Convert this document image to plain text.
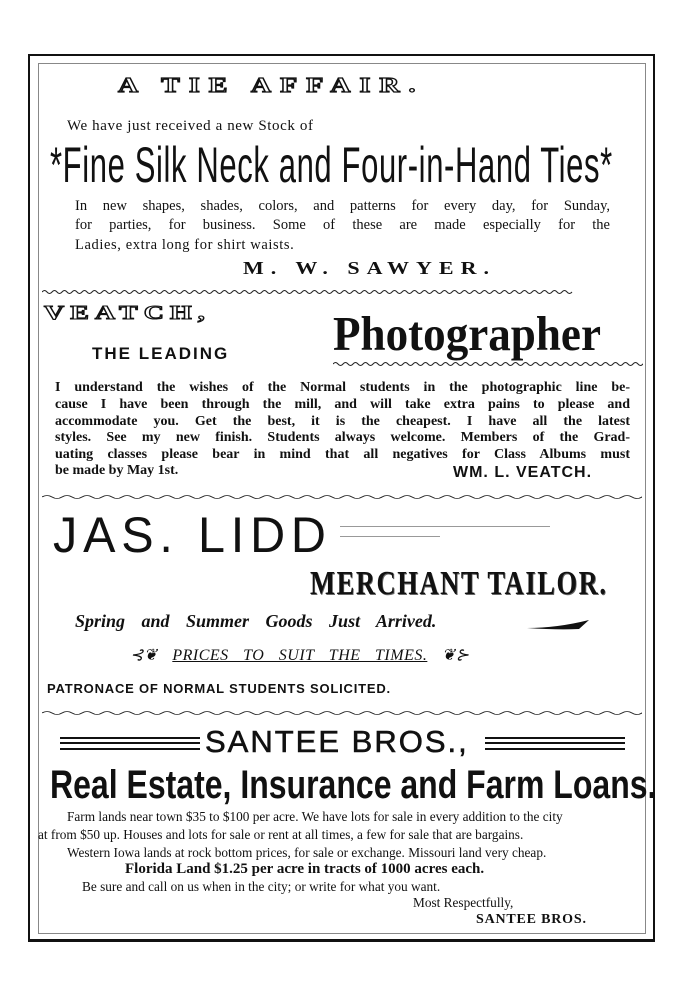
A TIE AFFAIR.
We have just received a new Stock of
*Fine Silk Neck and Four-in-Hand Ties*
In new shapes, shades, colors, and patterns for every day, for Sunday,
for parties, for business. Some of these are made especially for the
Ladies, extra long for shirt waists.
M. W. SAWYER.
VEATCH,
THE LEADING Photographer
I understand the wishes of the Normal students in the photographic line be-
cause I have been through the mill, and will take extra pains to please and
accommodate you. Get the best, it is the cheapest. I have all the latest
styles. See my new finish. Students always welcome. Members of the Grad-
uating classes please bear in mind that all negatives for Class Albums must
be made by May 1st.	WM. L. VEATCH.
JAS. LIDD
MERCHANT TAILOR.
Spring and Summer Goods Just Arrived.
⊰❦ PRICES TO SUIT THE TIMES. ❦⊱
PATRONACE OF NORMAL STUDENTS SOLICITED.
SANTEE BROS.,
Real Estate, Insurance and Farm Loans.
Farm lands near town $35 to $100 per acre. We have lots for sale in every addition to the city
at from $50 up. Houses and lots for sale or rent at all times, a few for sale that are bargains.
Western Iowa lands at rock bottom prices, for sale or exchange. Missouri land very cheap.
Florida Land $1.25 per acre in tracts of 1000 acres each.
Be sure and call on us when in the city; or write for what you want.
Most Respectfully,
SANTEE BROS.
